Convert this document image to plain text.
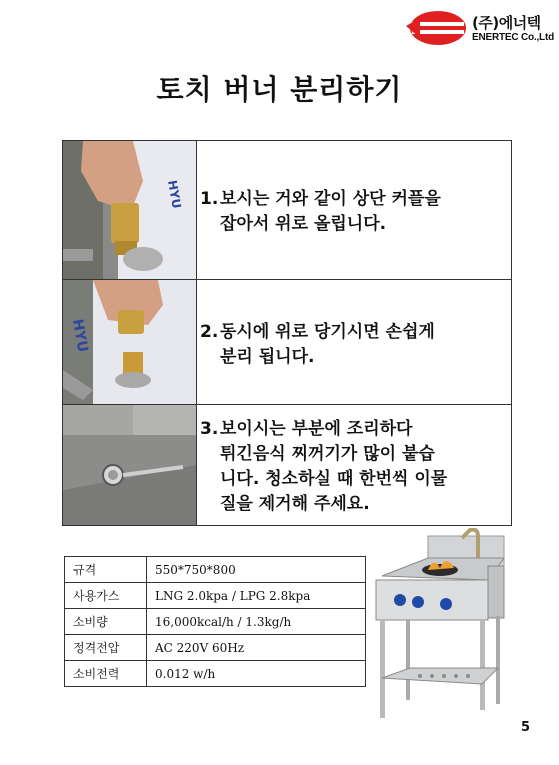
(주)에너텍
ENERTEC Co.,Ltd
토치 버너 분리하기
HYU 1. 보시는 거와 같이 상단 커플을
잡아서 위로 올립니다.
HYU	2. 동시에 위로 당기시면 손쉽게
분리 됩니다.
3. 보이시는 부분에 조리하다
튀긴음식 찌꺼기가 많이 붙습
니다. 청소하실 때 한번씩 이물
질을 제거해 주세요.
규격	550*750*800
사용가스	LNG 2.0kpa / LPG 2.8kpa
소비량	16,000kcal/h / 1.3kg/h
정격전압	AC 220V 60Hz
소비전력	0.012 w/h
5
